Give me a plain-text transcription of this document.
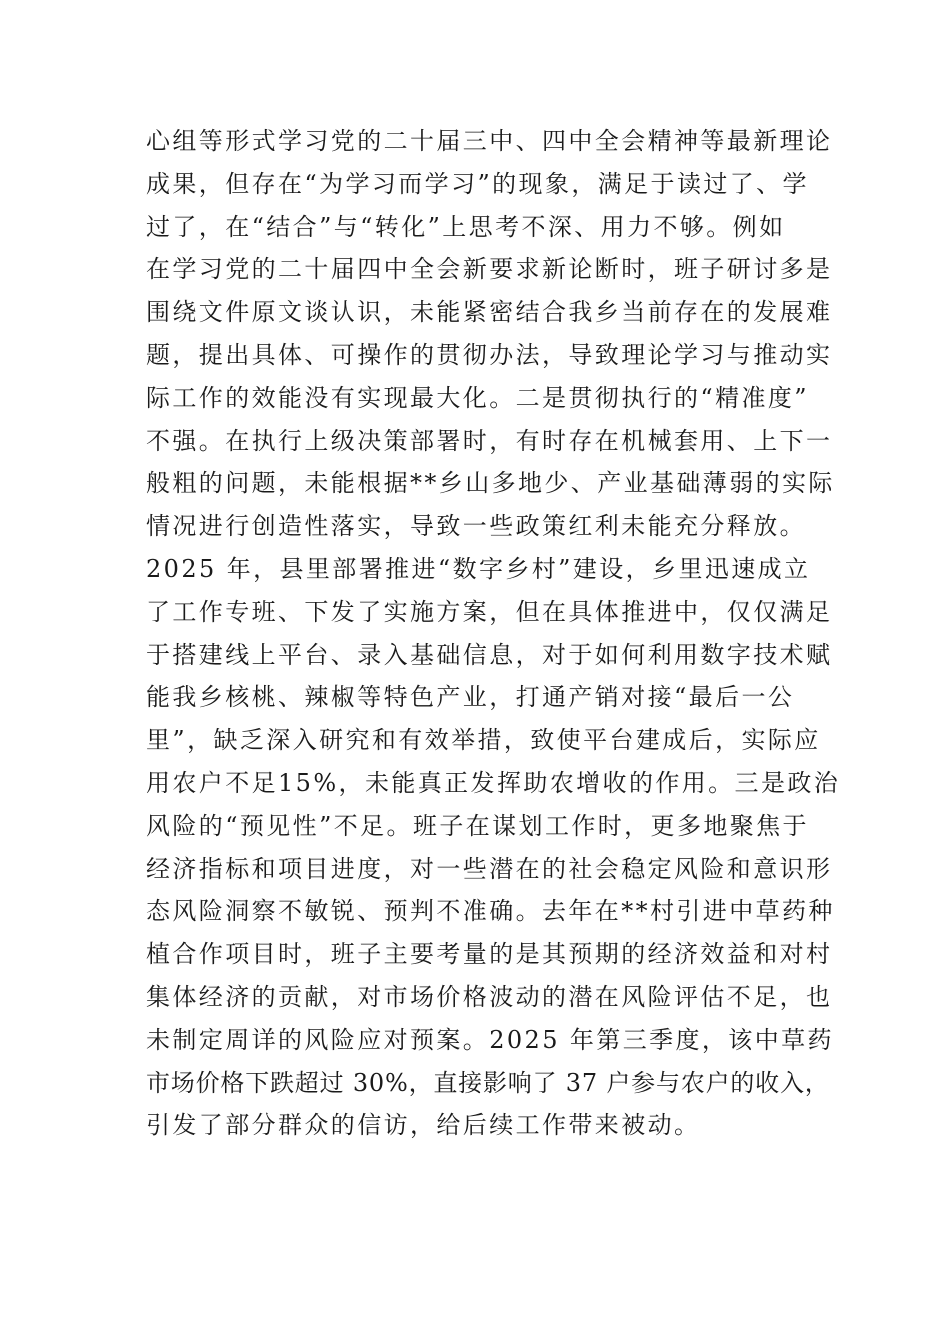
心组等形式学习党的二十届三中、四中全会精神等最新理论
成果，但存在“为学习而学习”的现象，满足于读过了、学
过了，在“结合”与“转化”上思考不深、用力不够。例如
在学习党的二十届四中全会新要求新论断时，班子研讨多是
围绕文件原文谈认识，未能紧密结合我乡当前存在的发展难
题，提出具体、可操作的贯彻办法，导致理论学习与推动实
际工作的效能没有实现最大化。二是贯彻执行的“精准度”
不强。在执行上级决策部署时，有时存在机械套用、上下一
般粗的问题，未能根据**乡山多地少、产业基础薄弱的实际
情况进行创造性落实，导致一些政策红利未能充分释放。
2025 年，县里部署推进“数字乡村”建设，乡里迅速成立
了工作专班、下发了实施方案，但在具体推进中，仅仅满足
于搭建线上平台、录入基础信息，对于如何利用数字技术赋
能我乡核桃、辣椒等特色产业，打通产销对接“最后一公
里”，缺乏深入研究和有效举措，致使平台建成后，实际应
用农户不足15%，未能真正发挥助农增收的作用。三是政治
风险的“预见性”不足。班子在谋划工作时，更多地聚焦于
经济指标和项目进度，对一些潜在的社会稳定风险和意识形
态风险洞察不敏锐、预判不准确。去年在**村引进中草药种
植合作项目时，班子主要考量的是其预期的经济效益和对村
集体经济的贡献，对市场价格波动的潜在风险评估不足，也
未制定周详的风险应对预案。2025 年第三季度，该中草药
市场价格下跌超过 30%，直接影响了 37 户参与农户的收入，
引发了部分群众的信访，给后续工作带来被动。
